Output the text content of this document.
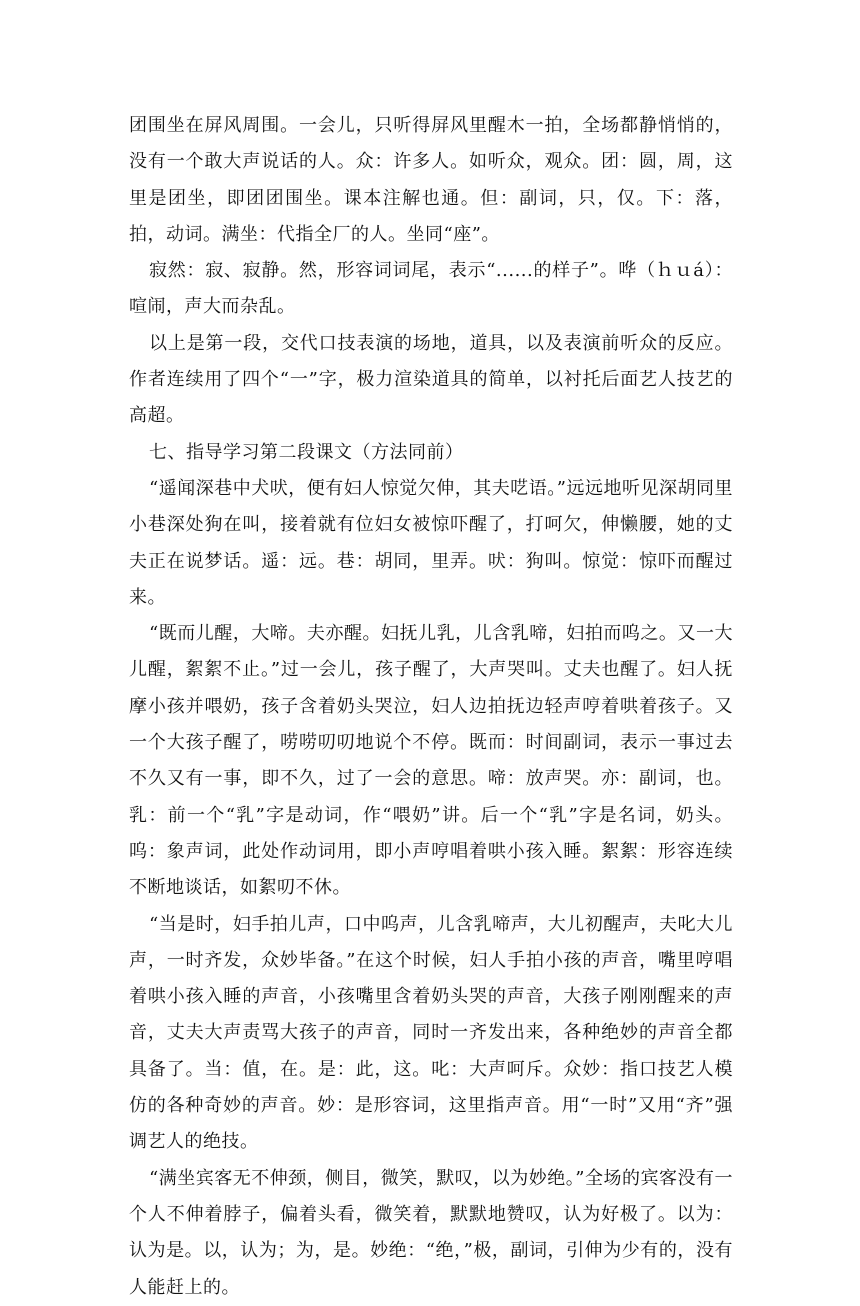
团围坐在屏风周围。一会儿，只听得屏风里醒木一拍，全场都静悄悄的，没有一个敢大声说话的人。众：许多人。如听众，观众。团：圆，周，这里是团坐，即团团围坐。课本注解也通。但：副词，只，仅。下：落，拍，动词。满坐：代指全厂的人。坐同“座”。

寂然：寂、寂静。然，形容词词尾，表示“......的样子”。哗（ｈｕá）：喧闹，声大而杂乱。

以上是第一段，交代口技表演的场地，道具，以及表演前听众的反应。作者连续用了四个“一”字，极力渲染道具的简单，以衬托后面艺人技艺的高超。

七、指导学习第二段课文（方法同前）

“遥闻深巷中犬吠，便有妇人惊觉欠伸，其夫呓语。”远远地听见深胡同里小巷深处狗在叫，接着就有位妇女被惊吓醒了，打呵欠，伸懒腰，她的丈夫正在说梦话。遥：远。巷：胡同，里弄。吠：狗叫。惊觉：惊吓而醒过来。

“既而儿醒，大啼。夫亦醒。妇抚儿乳，儿含乳啼，妇拍而呜之。又一大儿醒，絮絮不止。”过一会儿，孩子醒了，大声哭叫。丈夫也醒了。妇人抚摩小孩并喂奶，孩子含着奶头哭泣，妇人边拍抚边轻声哼着哄着孩子。又一个大孩子醒了，唠唠叨叨地说个不停。既而：时间副词，表示一事过去不久又有一事，即不久，过了一会的意思。啼：放声哭。亦：副词，也。乳：前一个“乳”字是动词，作“喂奶”讲。后一个“乳”字是名词，奶头。呜：象声词，此处作动词用，即小声哼唱着哄小孩入睡。絮絮：形容连续不断地谈话，如絮叨不休。

“当是时，妇手拍儿声，口中呜声，儿含乳啼声，大儿初醒声，夫叱大儿声，一时齐发，众妙毕备。”在这个时候，妇人手拍小孩的声音，嘴里哼唱着哄小孩入睡的声音，小孩嘴里含着奶头哭的声音，大孩子刚刚醒来的声音，丈夫大声责骂大孩子的声音，同时一齐发出来，各种绝妙的声音全都具备了。当：值，在。是：此，这。叱：大声呵斥。众妙：指口技艺人模仿的各种奇妙的声音。妙：是形容词，这里指声音。用“一时”又用“齐”强调艺人的绝技。

“满坐宾客无不伸颈，侧目，微笑，默叹，以为妙绝。”全场的宾客没有一个人不伸着脖子，偏着头看，微笑着，默默地赞叹，认为好极了。以为：认为是。以，认为；为，是。妙绝：“绝，”极，副词，引伸为少有的，没有人能赶上的。
